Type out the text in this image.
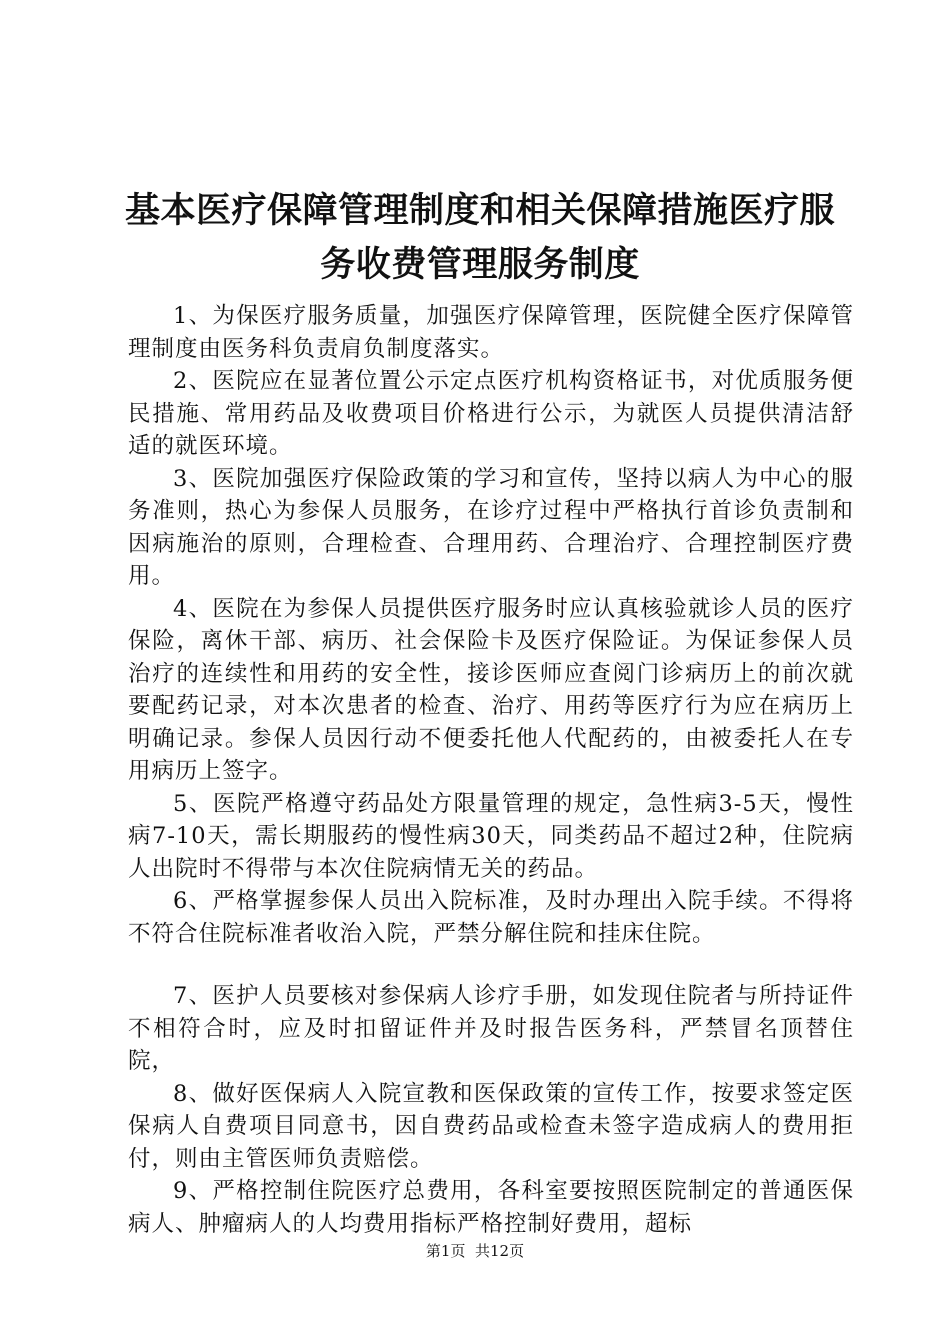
基本医疗保障管理制度和相关保障措施医疗服
务收费管理服务制度

1、为保医疗服务质量，加强医疗保障管理，医院健全医疗保障管理制度由医务科负责肩负制度落实。

2、医院应在显著位置公示定点医疗机构资格证书，对优质服务便民措施、常用药品及收费项目价格进行公示，为就医人员提供清洁舒适的就医环境。

3、医院加强医疗保险政策的学习和宣传，坚持以病人为中心的服务准则，热心为参保人员服务，在诊疗过程中严格执行首诊负责制和因病施治的原则，合理检查、合理用药、合理治疗、合理控制医疗费用。

4、医院在为参保人员提供医疗服务时应认真核验就诊人员的医疗保险，离休干部、病历、社会保险卡及医疗保险证。为保证参保人员治疗的连续性和用药的安全性，接诊医师应查阅门诊病历上的前次就要配药记录，对本次患者的检查、治疗、用药等医疗行为应在病历上明确记录。参保人员因行动不便委托他人代配药的，由被委托人在专用病历上签字。

5、医院严格遵守药品处方限量管理的规定，急性病3-5天，慢性病7-10天，需长期服药的慢性病30天，同类药品不超过2种，住院病人出院时不得带与本次住院病情无关的药品。

6、严格掌握参保人员出入院标准，及时办理出入院手续。不得将不符合住院标准者收治入院，严禁分解住院和挂床住院。

7、医护人员要核对参保病人诊疗手册，如发现住院者与所持证件不相符合时，应及时扣留证件并及时报告医务科，严禁冒名顶替住院，

8、做好医保病人入院宣教和医保政策的宣传工作，按要求签定医保病人自费项目同意书，因自费药品或检查未签字造成病人的费用拒付，则由主管医师负责赔偿。

9、严格控制住院医疗总费用，各科室要按照医院制定的普通医保病人、肿瘤病人的人均费用指标严格控制好费用，超标

第1页  共12页
